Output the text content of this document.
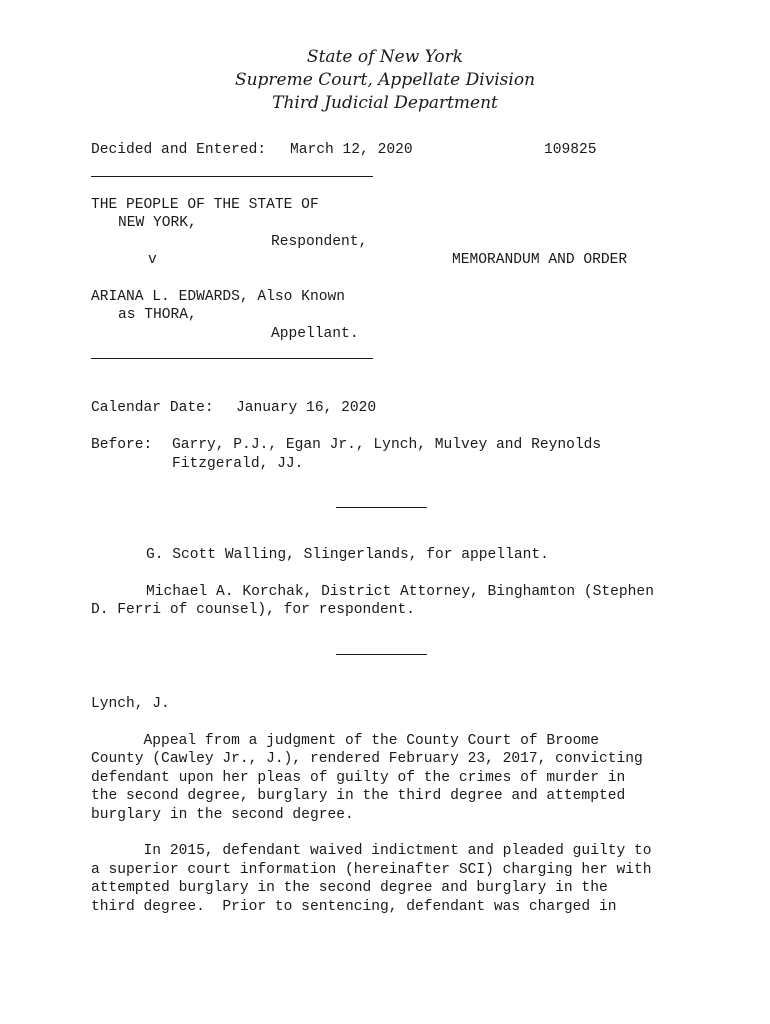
State of New York
Supreme Court, Appellate Division
Third Judicial Department
Decided and Entered: March 12, 2020	109825
THE PEOPLE OF THE STATE OF
NEW YORK,
Respondent,
v	MEMORANDUM AND ORDER
ARIANA L. EDWARDS, Also Known
as THORA,
Appellant.
Calendar Date: January 16, 2020
Before: Garry, P.J., Egan Jr., Lynch, Mulvey and Reynolds
Fitzgerald, JJ.
G. Scott Walling, Slingerlands, for appellant.
Michael A. Korchak, District Attorney, Binghamton (Stephen
D. Ferri of counsel), for respondent.
Lynch, J.
Appeal from a judgment of the County Court of Broome
County (Cawley Jr., J.), rendered February 23, 2017, convicting
defendant upon her pleas of guilty of the crimes of murder in
the second degree, burglary in the third degree and attempted
burglary in the second degree.
In 2015, defendant waived indictment and pleaded guilty to
a superior court information (hereinafter SCI) charging her with
attempted burglary in the second degree and burglary in the
third degree.  Prior to sentencing, defendant was charged in
